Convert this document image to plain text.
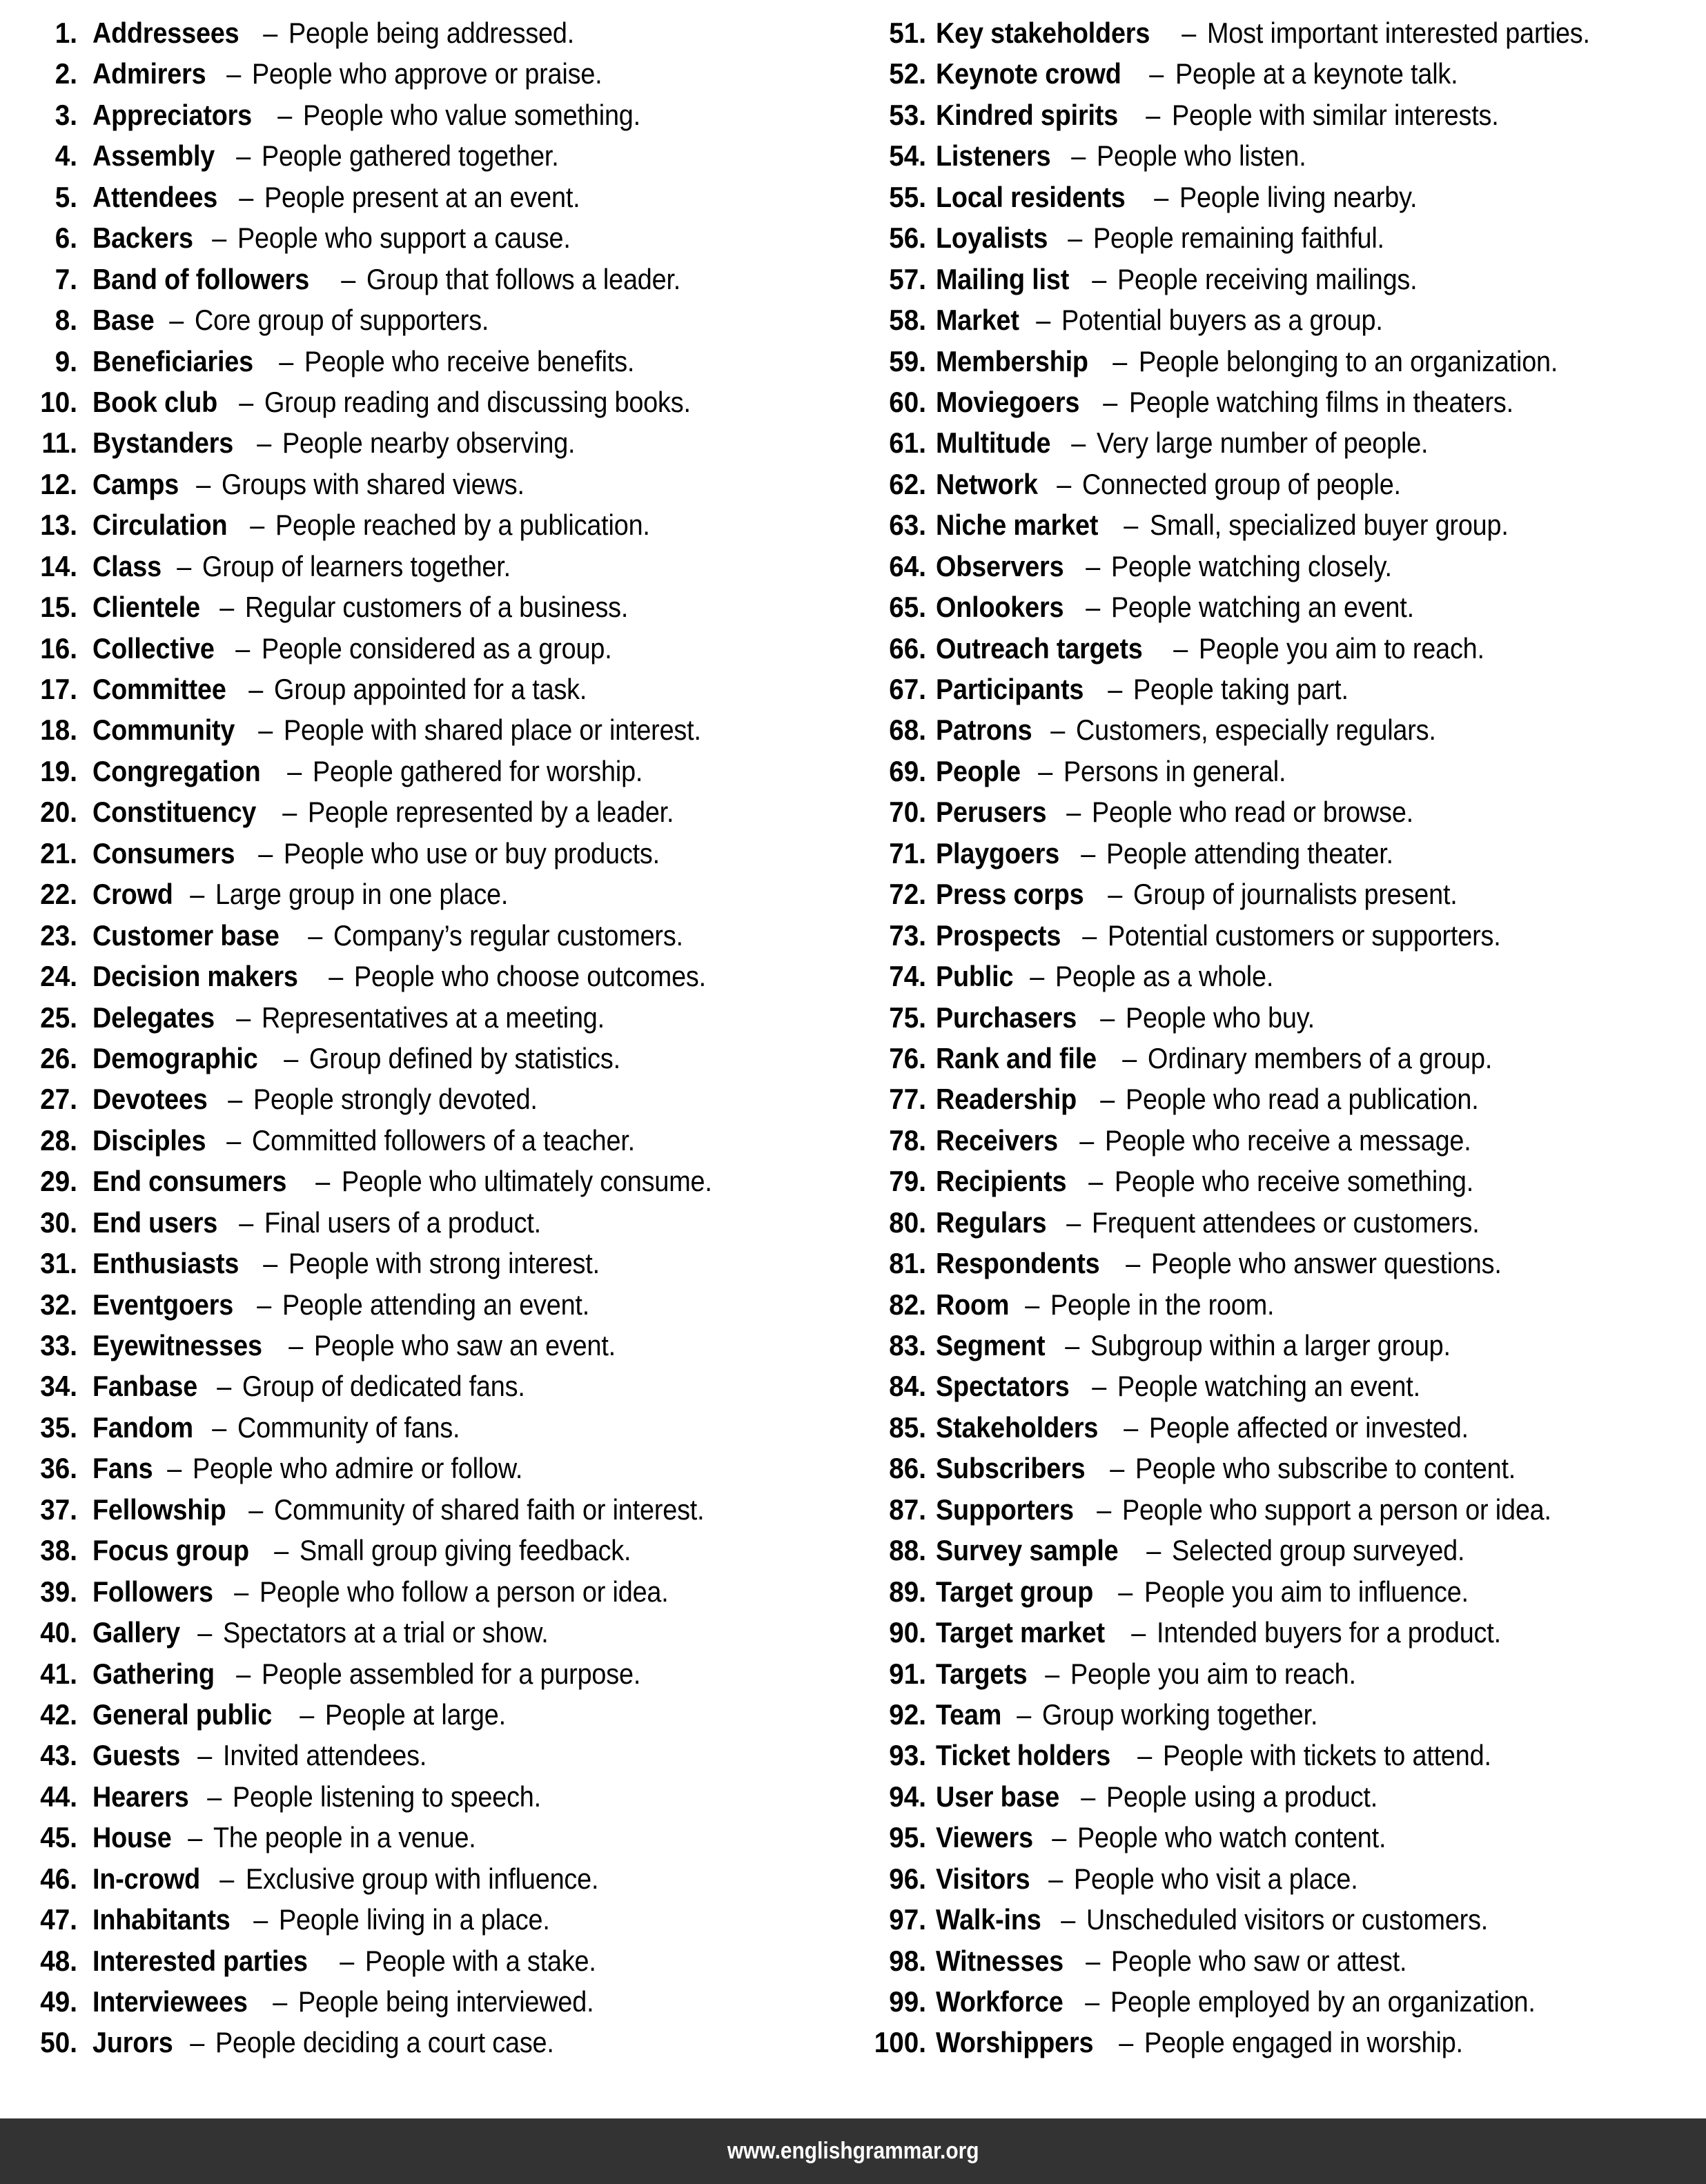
1. Addressees – People being addressed.
2. Admirers – People who approve or praise.
3. Appreciators – People who value something.
4. Assembly – People gathered together.
5. Attendees – People present at an event.
6. Backers – People who support a cause.
7. Band of followers – Group that follows a leader.
8. Base – Core group of supporters.
9. Beneficiaries – People who receive benefits.
10. Book club – Group reading and discussing books.
11. Bystanders – People nearby observing.
12. Camps – Groups with shared views.
13. Circulation – People reached by a publication.
14. Class – Group of learners together.
15. Clientele – Regular customers of a business.
16. Collective – People considered as a group.
17. Committee – Group appointed for a task.
18. Community – People with shared place or interest.
19. Congregation – People gathered for worship.
20. Constituency – People represented by a leader.
21. Consumers – People who use or buy products.
22. Crowd – Large group in one place.
23. Customer base – Company’s regular customers.
24. Decision makers – People who choose outcomes.
25. Delegates – Representatives at a meeting.
26. Demographic – Group defined by statistics.
27. Devotees – People strongly devoted.
28. Disciples – Committed followers of a teacher.
29. End consumers – People who ultimately consume.
30. End users – Final users of a product.
31. Enthusiasts – People with strong interest.
32. Eventgoers – People attending an event.
33. Eyewitnesses – People who saw an event.
34. Fanbase – Group of dedicated fans.
35. Fandom – Community of fans.
36. Fans – People who admire or follow.
37. Fellowship – Community of shared faith or interest.
38. Focus group – Small group giving feedback.
39. Followers – People who follow a person or idea.
40. Gallery – Spectators at a trial or show.
41. Gathering – People assembled for a purpose.
42. General public – People at large.
43. Guests – Invited attendees.
44. Hearers – People listening to speech.
45. House – The people in a venue.
46. In-crowd – Exclusive group with influence.
47. Inhabitants – People living in a place.
48. Interested parties – People with a stake.
49. Interviewees – People being interviewed.
50. Jurors – People deciding a court case.
51. Key stakeholders – Most important interested parties.
52. Keynote crowd – People at a keynote talk.
53. Kindred spirits – People with similar interests.
54. Listeners – People who listen.
55. Local residents – People living nearby.
56. Loyalists – People remaining faithful.
57. Mailing list – People receiving mailings.
58. Market – Potential buyers as a group.
59. Membership – People belonging to an organization.
60. Moviegoers – People watching films in theaters.
61. Multitude – Very large number of people.
62. Network – Connected group of people.
63. Niche market – Small, specialized buyer group.
64. Observers – People watching closely.
65. Onlookers – People watching an event.
66. Outreach targets – People you aim to reach.
67. Participants – People taking part.
68. Patrons – Customers, especially regulars.
69. People – Persons in general.
70. Perusers – People who read or browse.
71. Playgoers – People attending theater.
72. Press corps – Group of journalists present.
73. Prospects – Potential customers or supporters.
74. Public – People as a whole.
75. Purchasers – People who buy.
76. Rank and file – Ordinary members of a group.
77. Readership – People who read a publication.
78. Receivers – People who receive a message.
79. Recipients – People who receive something.
80. Regulars – Frequent attendees or customers.
81. Respondents – People who answer questions.
82. Room – People in the room.
83. Segment – Subgroup within a larger group.
84. Spectators – People watching an event.
85. Stakeholders – People affected or invested.
86. Subscribers – People who subscribe to content.
87. Supporters – People who support a person or idea.
88. Survey sample – Selected group surveyed.
89. Target group – People you aim to influence.
90. Target market – Intended buyers for a product.
91. Targets – People you aim to reach.
92. Team – Group working together.
93. Ticket holders – People with tickets to attend.
94. User base – People using a product.
95. Viewers – People who watch content.
96. Visitors – People who visit a place.
97. Walk-ins – Unscheduled visitors or customers.
98. Witnesses – People who saw or attest.
99. Workforce – People employed by an organization.
100. Worshippers – People engaged in worship.
www.englishgrammar.org
